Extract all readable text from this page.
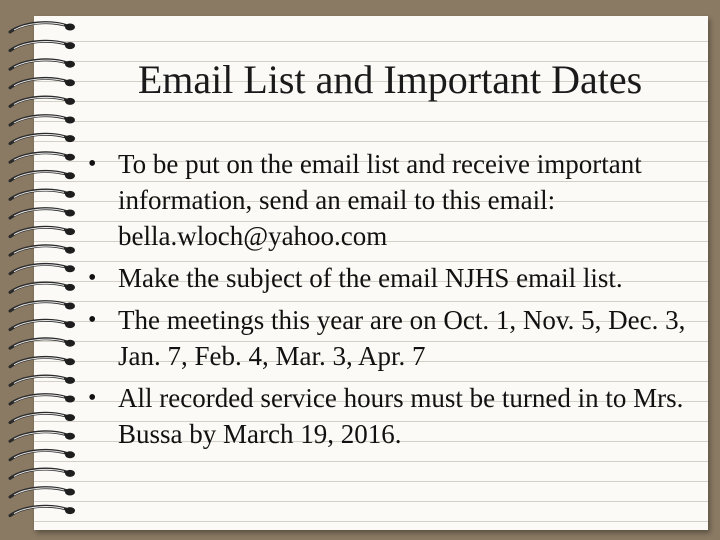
Email List and Important Dates
• To be put on the email list and receive important information, send an email to this email: bella.wloch@yahoo.com
• Make the subject of the email NJHS email list.
• The meetings this year are on Oct. 1, Nov. 5, Dec. 3, Jan. 7, Feb. 4, Mar. 3, Apr. 7
• All recorded service hours must be turned in to Mrs. Bussa by March 19, 2016.
